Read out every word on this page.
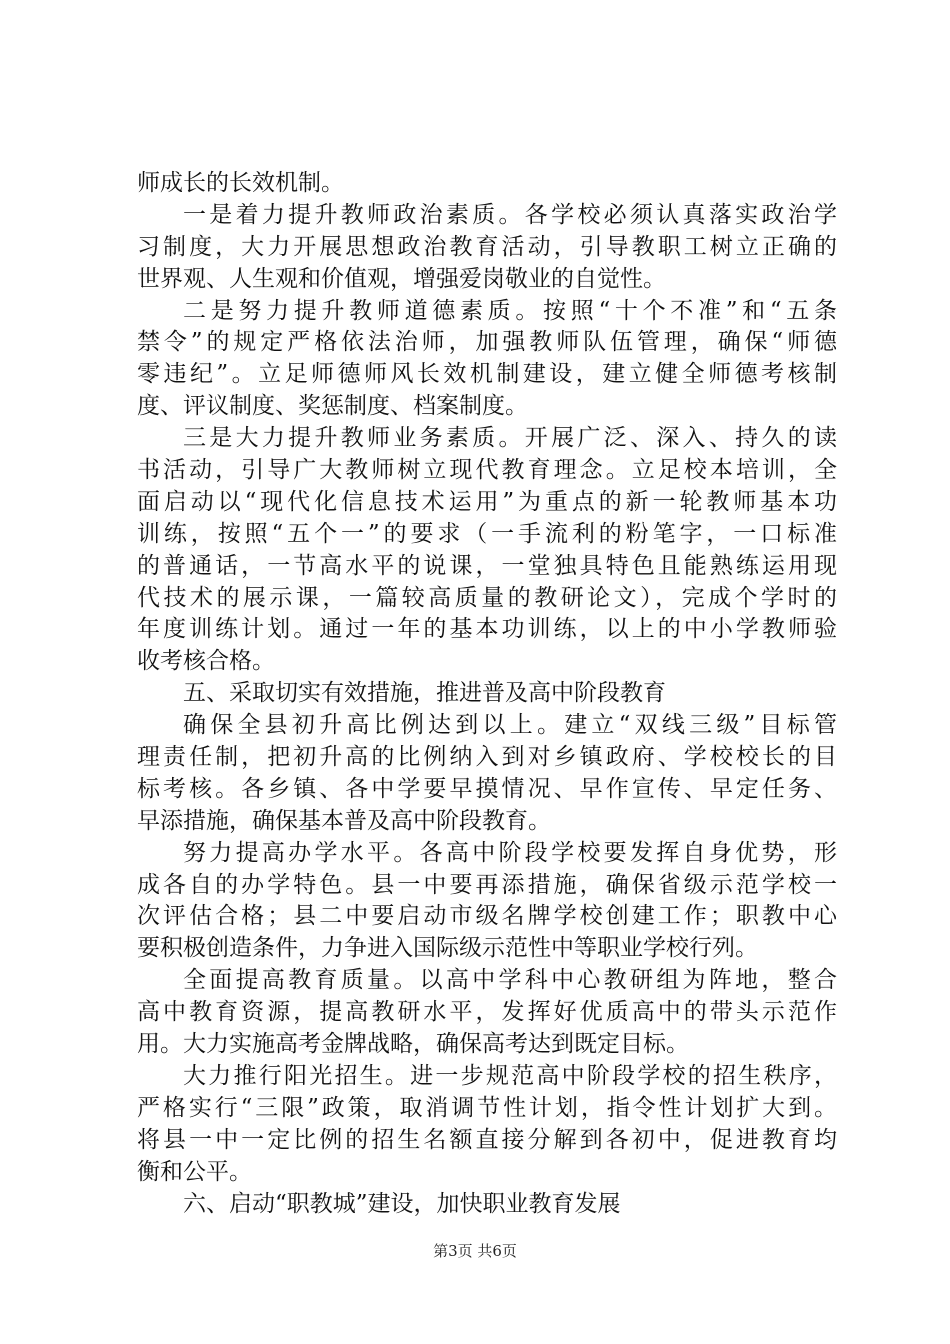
师成长的长效机制。
一是着力提升教师政治素质。各学校必须认真落实政治学
习制度，大力开展思想政治教育活动，引导教职工树立正确的
世界观、人生观和价值观，增强爱岗敬业的自觉性。
二是努力提升教师道德素质。按照“十个不准”和“五条
禁令”的规定严格依法治师，加强教师队伍管理，确保“师德
零违纪”。立足师德师风长效机制建设，建立健全师德考核制
度、评议制度、奖惩制度、档案制度。
三是大力提升教师业务素质。开展广泛、深入、持久的读
书活动，引导广大教师树立现代教育理念。立足校本培训，全
面启动以“现代化信息技术运用”为重点的新一轮教师基本功
训练，按照“五个一”的要求（一手流利的粉笔字，一口标准
的普通话，一节高水平的说课，一堂独具特色且能熟练运用现
代技术的展示课，一篇较高质量的教研论文），完成个学时的
年度训练计划。通过一年的基本功训练，以上的中小学教师验
收考核合格。
五、采取切实有效措施，推进普及高中阶段教育
确保全县初升高比例达到以上。建立“双线三级”目标管
理责任制，把初升高的比例纳入到对乡镇政府、学校校长的目
标考核。各乡镇、各中学要早摸情况、早作宣传、早定任务、
早添措施，确保基本普及高中阶段教育。
努力提高办学水平。各高中阶段学校要发挥自身优势，形
成各自的办学特色。县一中要再添措施，确保省级示范学校一
次评估合格；县二中要启动市级名牌学校创建工作；职教中心
要积极创造条件，力争进入国际级示范性中等职业学校行列。
全面提高教育质量。以高中学科中心教研组为阵地，整合
高中教育资源，提高教研水平，发挥好优质高中的带头示范作
用。大力实施高考金牌战略，确保高考达到既定目标。
大力推行阳光招生。进一步规范高中阶段学校的招生秩序，
严格实行“三限”政策，取消调节性计划，指令性计划扩大到。
将县一中一定比例的招生名额直接分解到各初中，促进教育均
衡和公平。
六、启动“职教城”建设，加快职业教育发展
第3页 共6页
